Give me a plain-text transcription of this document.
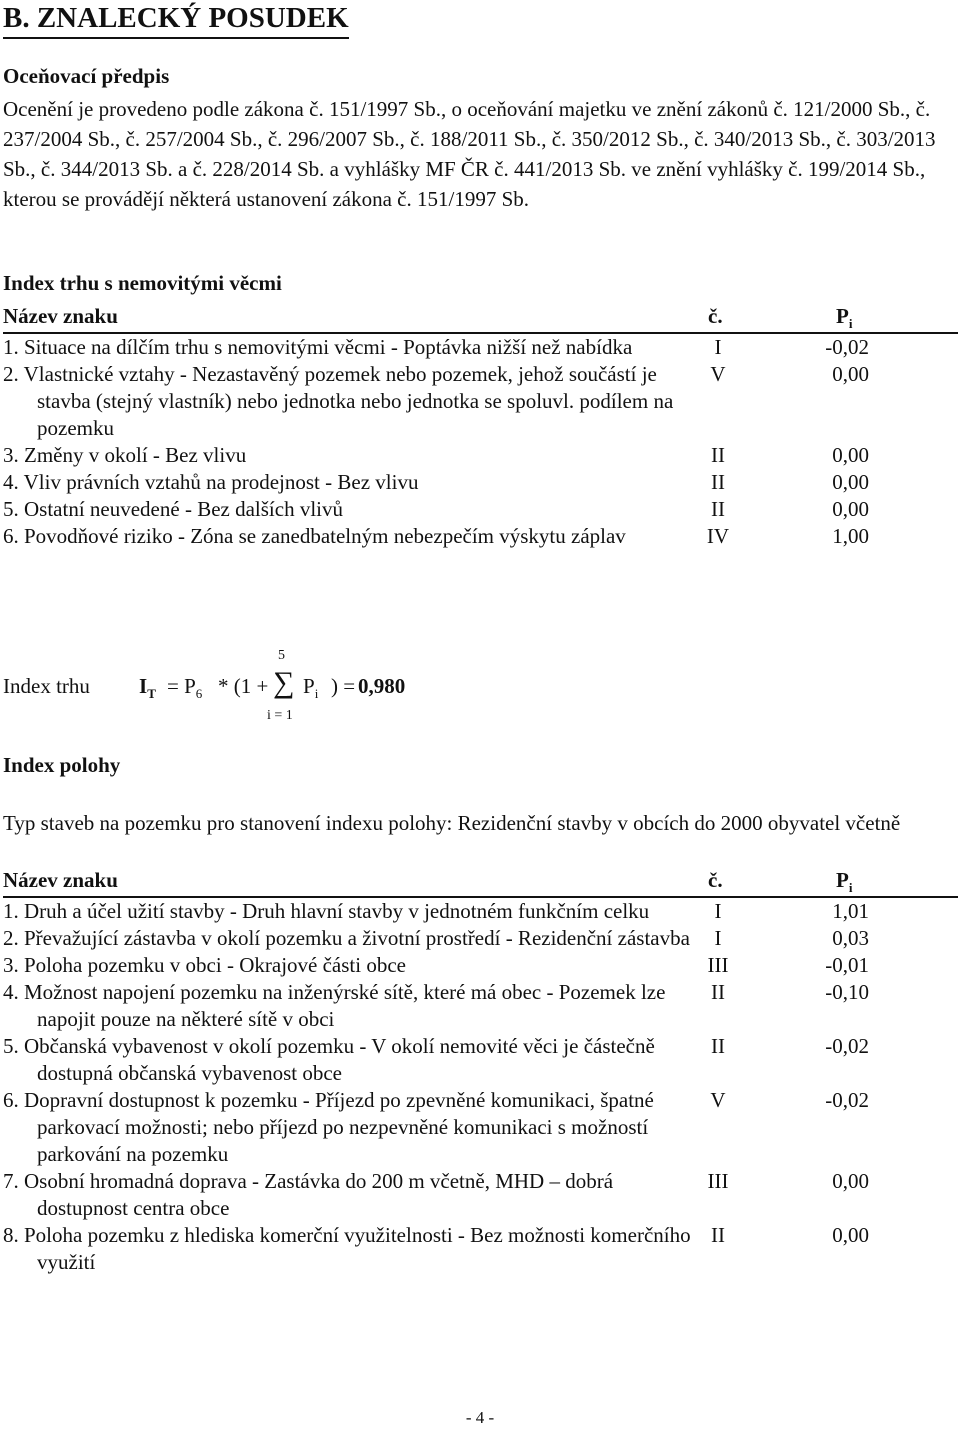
B. ZNALECKÝ POSUDEK
Oceňovací předpis

Ocenění je provedeno podle zákona č. 151/1997 Sb., o oceňování majetku ve znění zákonů č. 121/2000 Sb., č. 237/2004 Sb., č. 257/2004 Sb., č. 296/2007 Sb., č. 188/2011 Sb., č. 350/2012 Sb., č. 340/2013 Sb., č. 303/2013 Sb., č. 344/2013 Sb. a č. 228/2014 Sb. a vyhlášky MF ČR č. 441/2013 Sb. ve znění vyhlášky č. 199/2014 Sb., kterou se provádějí některá ustanovení zákona č. 151/1997 Sb.

Index trhu s nemovitými věcmi
Název znaku	č.	$P_i$
1. Situace na dílčím trhu s nemovitými věcmi - Poptávka nižší než nabídka	I	-0,02
2. Vlastnické vztahy - Nezastavěný pozemek nebo pozemek, jehož součástí je stavba (stejný vlastník) nebo jednotka nebo jednotka se spoluvl. podílem na pozemku
V	0,00
3. Změny v okolí - Bez vlivu	II	0,00
4. Vliv právních vztahů na prodejnost - Bez vlivu	II	0,00
5. Ostatní neuvedené - Bez dalších vlivů	II	0,00
6. Povodňové riziko - Zóna se zanedbatelným nebezpečím výskytu záplav	IV	1,00
Index trhu $I_T = P_6 * (1$ +
5
∑
i = 1
$P_i$ ) = 0,980
Index polohy

Typ staveb na pozemku pro stanovení indexu polohy: Rezidenční stavby v obcích do 2000 obyvatel včetně

Název znaku	č.	$P_i$
1. Druh a účel užití stavby - Druh hlavní stavby v jednotném funkčním celku	I	1,01
2. Převažující zástavba v okolí pozemku a životní prostředí - Rezidenční zástavba	I	0,03
3. Poloha pozemku v obci - Okrajové části obce	III	-0,01
4. Možnost napojení pozemku na inženýrské sítě, které má obec - Pozemek lze napojit pouze na některé sítě v obci
II	-0,10
5. Občanská vybavenost v okolí pozemku - V okolí nemovité věci je částečně dostupná občanská vybavenost obce
II	-0,02
6. Dopravní dostupnost k pozemku - Příjezd po zpevněné komunikaci, špatné parkovací možnosti; nebo příjezd po nezpevněné komunikaci s možností parkování na pozemku
V	-0,02
7. Osobní hromadná doprava - Zastávka do 200 m včetně, MHD – dobrá dostupnost centra obce
III	0,00
8. Poloha pozemku z hlediska komerční využitelnosti - Bez možnosti komerčního využití
II	0,00
- 4 -
